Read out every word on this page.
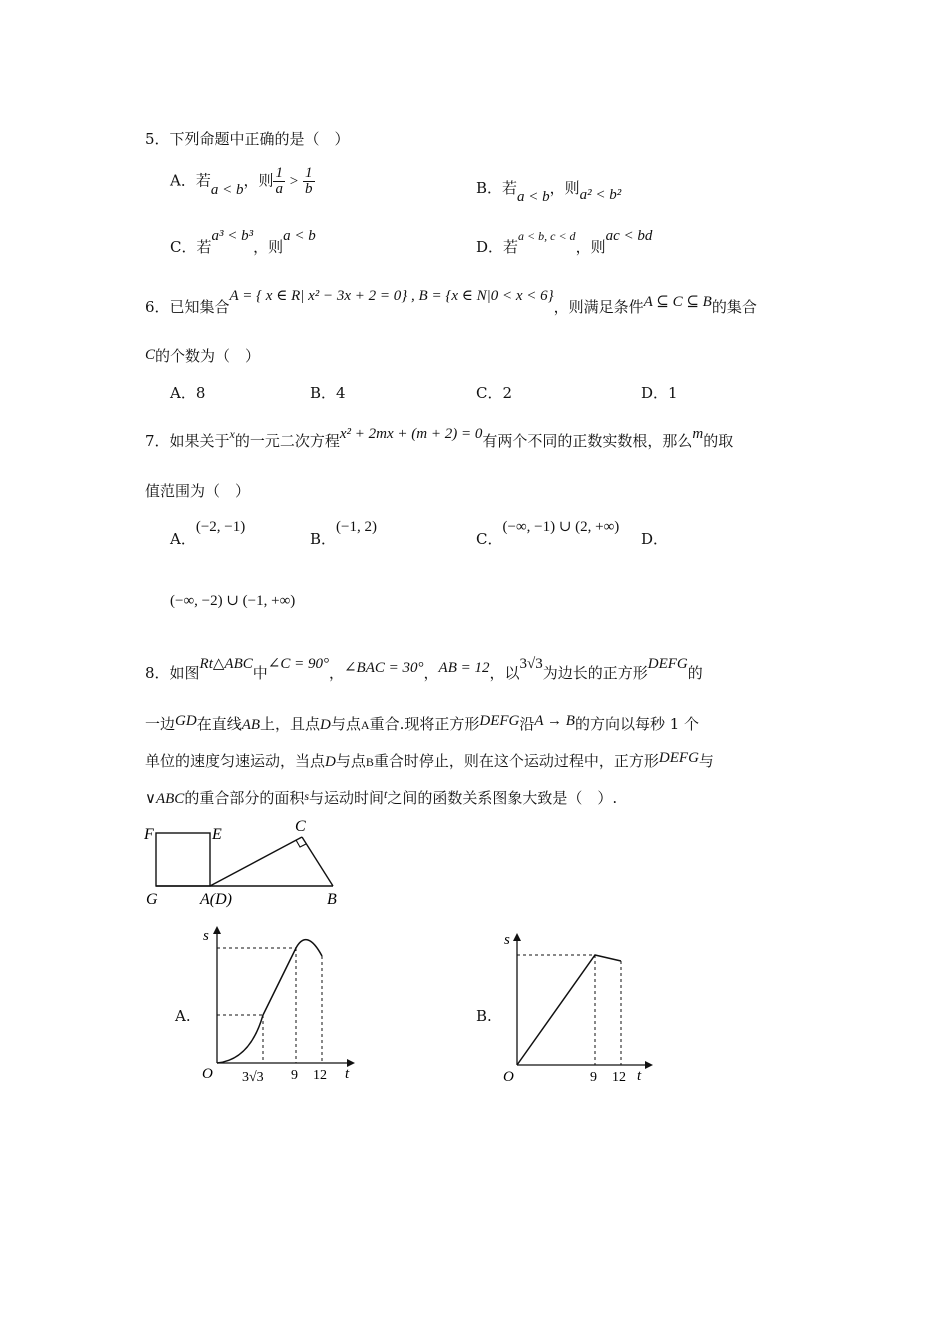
5．下列命题中正确的是（　）
A．若a < b，则 $\frac{1}{a} > \frac{1}{b}$	B．若a < b，则a² < b²
C．若a³ < b³，则a < b
D．若$^{a < b, c < d}$，则ac < bd
6．已知集合A = { x ∈ R| x² − 3x + 2 = 0} , B = {x ∈ N|0 < x < 6}，则满足条件A ⊆ C ⊆ B的集合
C的个数为（　）
A．8	B．4	C．2	D．1
7．如果关于$^x$的一元二次方程x² + 2mx + (m + 2) = 0有两个不同的正数实数根，那么m的取
值范围为（　）
A．(−2, −1)
B．(−1, 2)
C．(−∞, −1) ∪ (2, +∞)
D．
(−∞, −2) ∪ (−1, +∞)
8．如图Rt△ABC中∠C = 90°，∠BAC = 30°，AB = 12，以3√3为边长的正方形DEFG的
一边GD在直线AB上，且点D与点A重合.现将正方形DEFG沿A → B的方向以每秒 1 个
单位的速度匀速运动，当点D与点B重合时停止，则在这个运动过程中，正方形DEFG与
∨ABC的重合部分的面积$^s$与运动时间$^t$之间的函数关系图象大致是（　）.
F	E	C
G	A(D)	B
A.
s
t
O 3√3 9 12
B.
s
t
O	9 12
